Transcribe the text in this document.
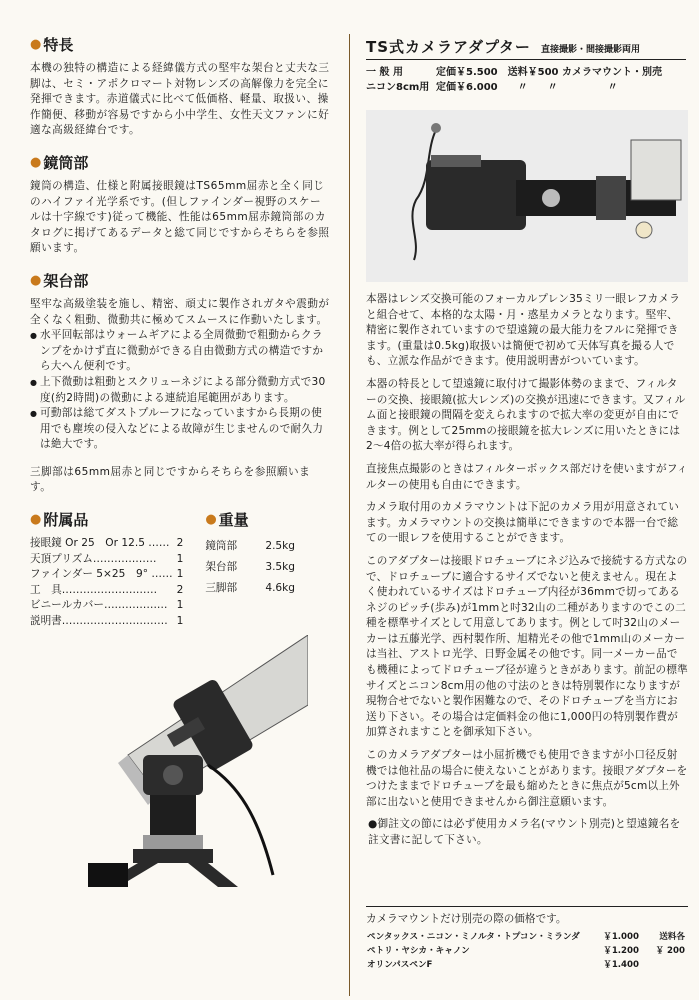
● 特長

本機の独特の構造による経緯儀方式の堅牢な架台と丈夫な三脚は、セミ・アポクロマート対物レンズの高解像力を完全に発揮できます。赤道儀式に比べて低価格、軽量、取扱い、操作簡便、移動が容易ですから小中学生、女性天文ファンに好適な高級経緯台です。

● 鏡筒部

鏡筒の構造、仕様と附属接眼鏡はTS65mm屈赤と全く同じのハイファイ光学系です。(但しファインダー視野のスケールは十字線です)従って機能、性能は65mm屈赤鏡筒部のカタログに掲げてあるデータと総て同じですからそちらを参照願います。

● 架台部

堅牢な高級塗装を施し、精密、頑丈に製作されガタや震動が全くなく粗動、微動共に極めてスムースに作動いたします。

● 水平回転部はウォームギアによる全周微動で粗動からクランプをかけず直に微動ができる自由微動方式の構造ですから大へん便利です。
● 上下微動は粗動とスクリューネジによる部分微動方式で30度(約2時間)の微動による連続追尾範囲があります。
● 可動部は総てダストプルーフになっていますから長期の使用でも塵埃の侵入などによる故障が生じませんので耐久力は絶大です。

三脚部は65mm屈赤と同じですからそちらを参照願います。

● 附属品
接眼鏡 Or 25　Or 12.5 ……	2
天頂プリズム………………	1
ファインダー 5×25　9° ……	1
工　具………………………	2
ビニールカバー………………	1
説明書…………………………	1
● 重量
鏡筒部	2.5kg
架台部	3.5kg
三脚部	4.6kg
TS式カメラアダプター 直接撮影・間接撮影両用
一 般 用	定価￥5.500　送料￥500 カメラマウント・別売
ニコン8cm用 定価￥6.000　　〃　　〃　　　　　〃

本器はレンズ交換可能のフォーカルプレン35ミリ一眼レフカメラと組合せて、本格的な太陽・月・惑星カメラとなります。堅牢、精密に製作されていますので望遠鏡の最大能力をフルに発揮できます。(重量は0.5kg)取扱いは簡便で初めて天体写真を撮る人でも、立派な作品ができます。使用説明書がついています。

本器の特長として望遠鏡に取付けて撮影体勢のままで、フィルターの交換、接眼鏡(拡大レンズ)の交換が迅速にできます。又フィルム面と接眼鏡の間隔を変えられますので拡大率の変更が自由にできます。例として25mmの接眼鏡を拡大レンズに用いたときには2〜4倍の拡大率が得られます。

直接焦点撮影のときはフィルターボックス部だけを使いますがフィルターの使用も自由にできます。

カメラ取付用のカメラマウントは下記のカメラ用が用意されています。カメラマウントの交換は簡単にできますので本器一台で総ての一眼レフを使用することができます。

このアダプターは接眼ドロチューブにネジ込みで接続する方式なので、ドロチューブに適合するサイズでないと使えません。現在よく使われているサイズはドロチューブ内径が36mmで切ってあるネジのピッチ(歩み)が1mmと吋32山の二種がありますのでこの二種を標準サイズとして用意してあります。例として吋32山のメーカーは五藤光学、西村製作所、旭精光その他で1mm山のメーカーは当社、アストロ光学、日野金属その他です。同一メーカー品でも機種によってドロチューブ径が違うときがあります。前記の標準サイズとニコン8cm用の他の寸法のときは特別製作になりますが現物合せでないと製作困難なので、そのドロチューブを当方にお送り下さい。その場合は定価料金の他に1,000円の特別製作費が加算されますことを御承知下さい。

このカメラアダプターは小屈折機でも使用できますが小口径反射機では他社品の場合に使えないことがあります。接眼アダプターをつけたままでドロチューブを最も縮めたときに焦点が5cm以上外部に出ないと使用できませんから御注意願います。

●御註文の節には必ず使用カメラ名(マウント別売)と望遠鏡名を註文書に記して下さい。

カメラマウントだけ別売の際の価格です。
ペンタックス・ニコン・ミノルタ・トプコン・ミランダ	￥1.000	送料各
ペトリ・ヤシカ・キャノン	￥1.200	￥ 200
オリンパスペンF	￥1.400	
